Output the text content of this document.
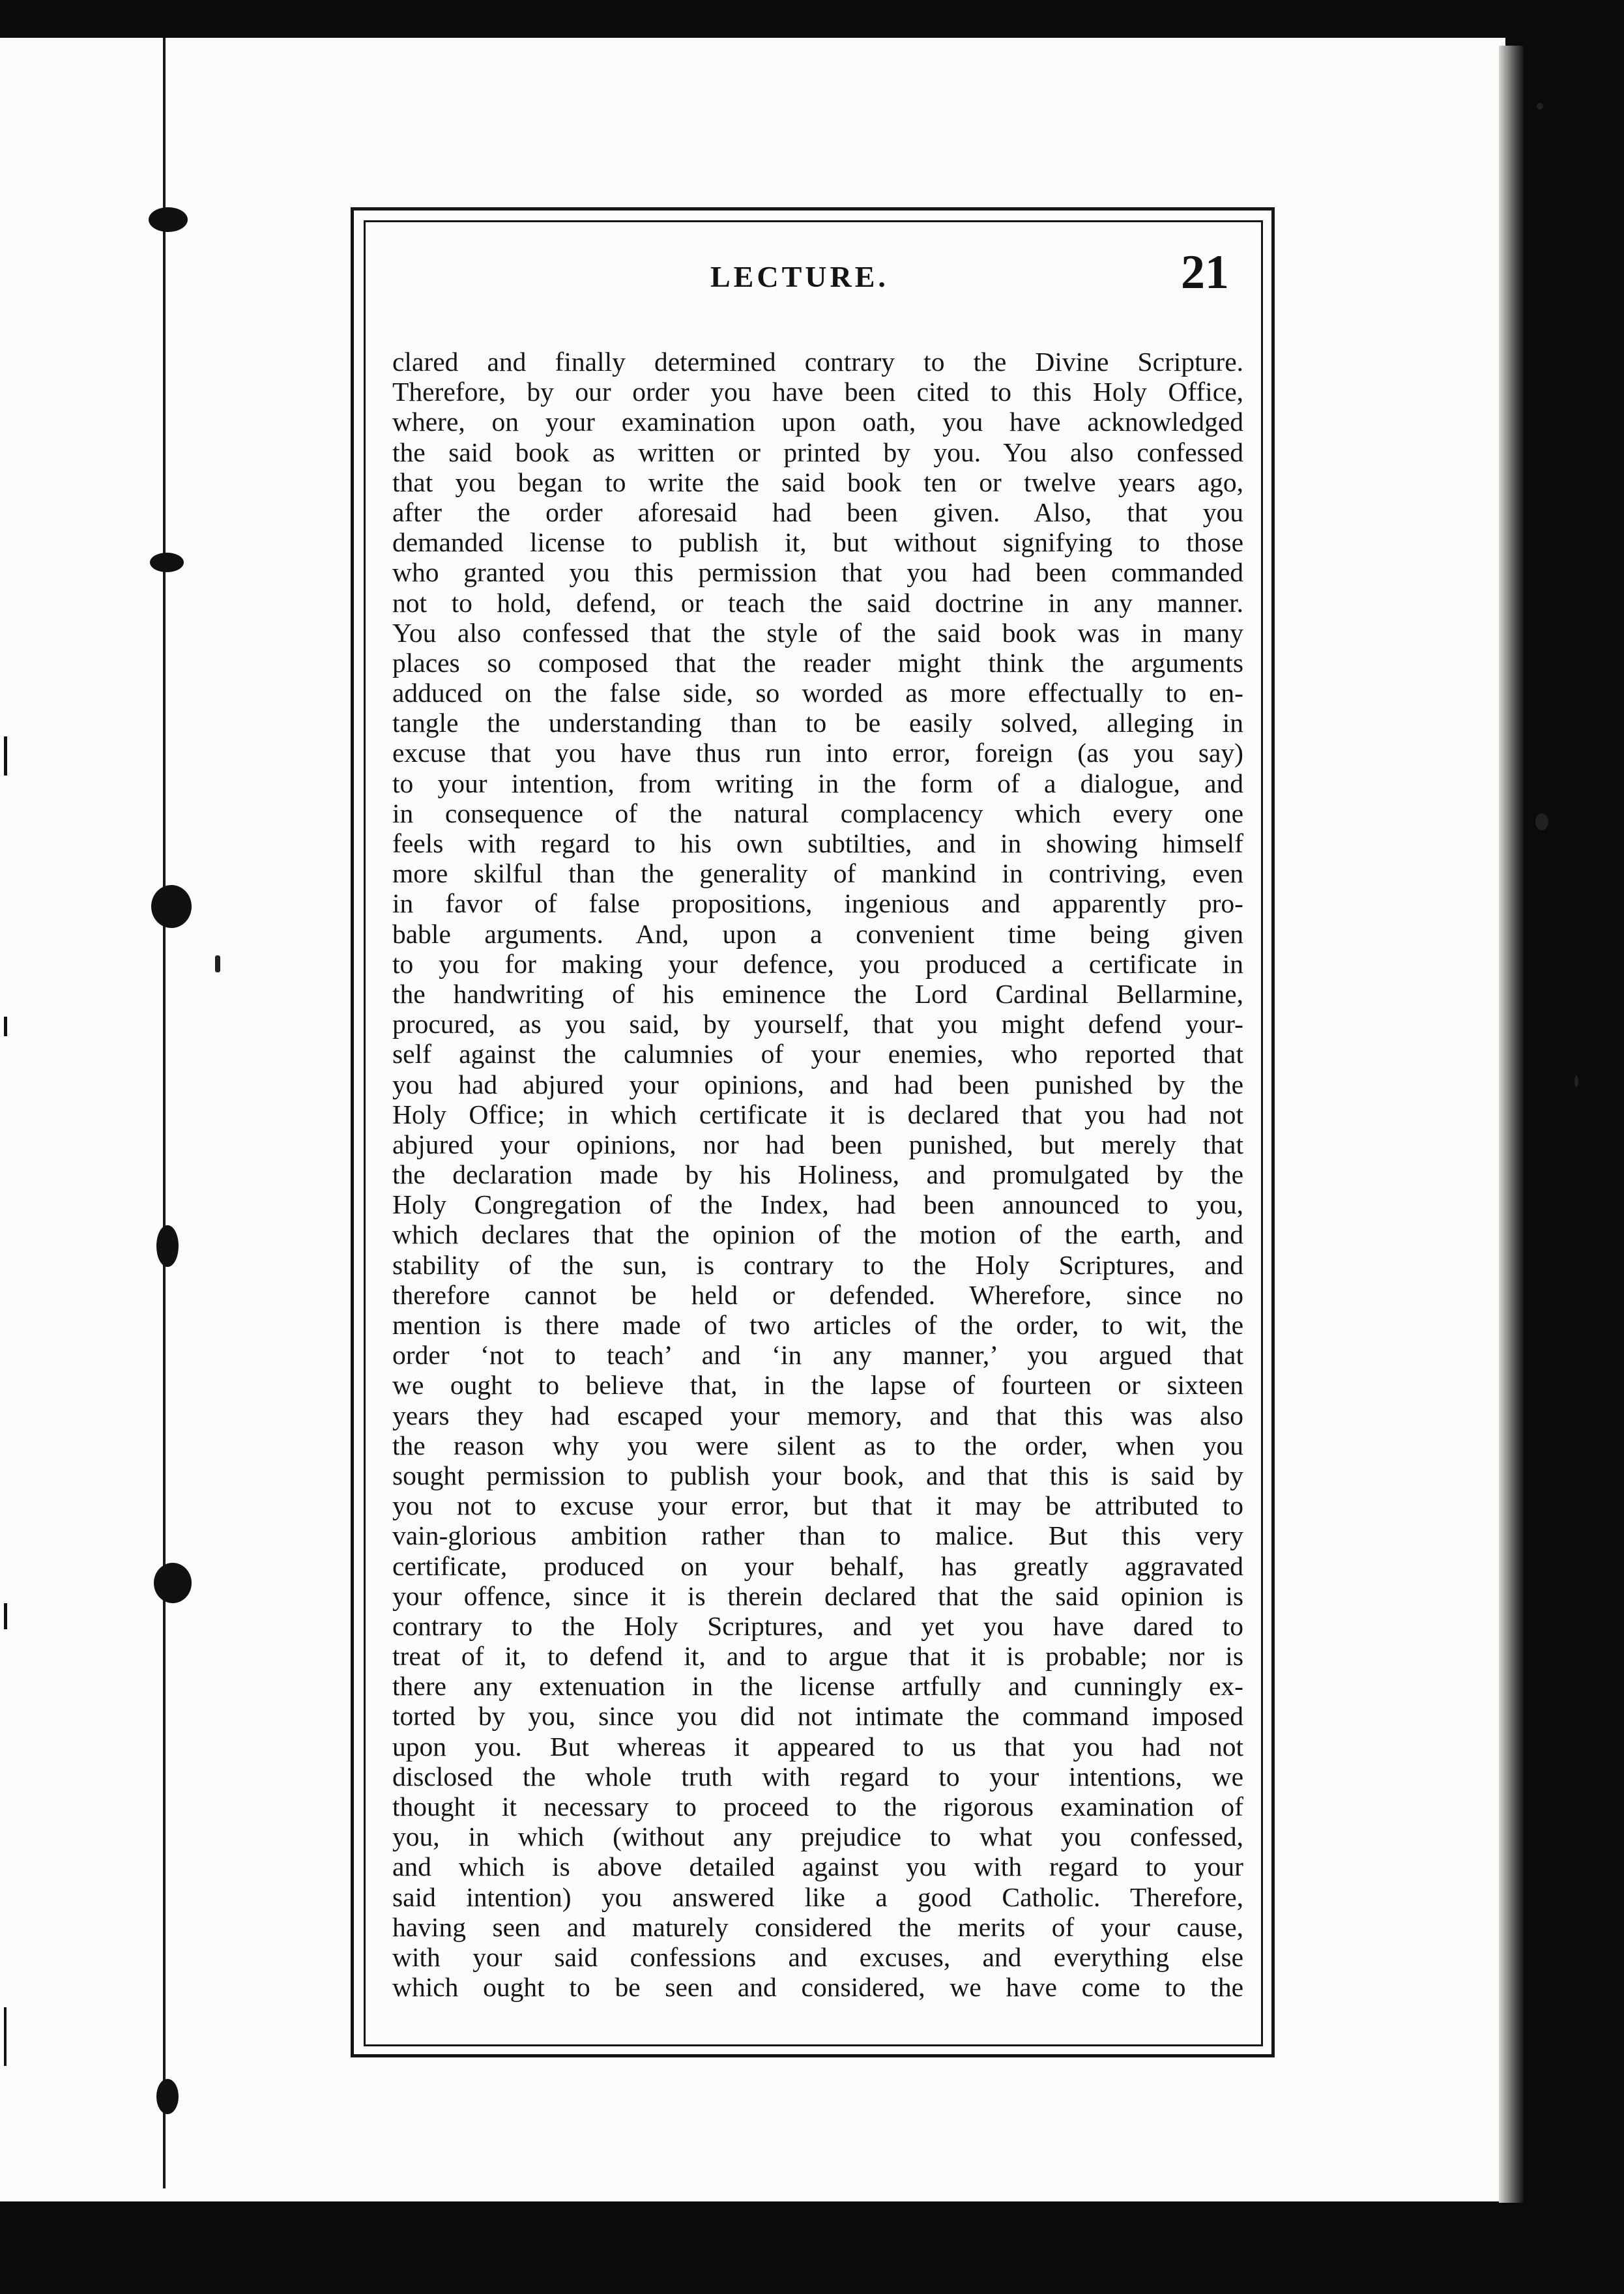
LECTURE.	21
clared and finally determined contrary to the Divine Scripture.
Therefore, by our order you have been cited to this Holy Office,
where, on your examination upon oath, you have acknowledged
the said book as written or printed by you. You also confessed
that you began to write the said book ten or twelve years ago,
after the order aforesaid had been given. Also, that you
demanded license to publish it, but without signifying to those
who granted you this permission that you had been commanded
not to hold, defend, or teach the said doctrine in any manner.
You also confessed that the style of the said book was in many
places so composed that the reader might think the arguments
adduced on the false side, so worded as more effectually to en-
tangle the understanding than to be easily solved, alleging in
excuse that you have thus run into error, foreign (as you say)
to your intention, from writing in the form of a dialogue, and
in consequence of the natural complacency which every one
feels with regard to his own subtilties, and in showing himself
more skilful than the generality of mankind in contriving, even
in favor of false propositions, ingenious and apparently pro-
bable arguments. And, upon a convenient time being given
to you for making your defence, you produced a certificate in
the handwriting of his eminence the Lord Cardinal Bellarmine,
procured, as you said, by yourself, that you might defend your-
self against the calumnies of your enemies, who reported that
you had abjured your opinions, and had been punished by the
Holy Office; in which certificate it is declared that you had not
abjured your opinions, nor had been punished, but merely that
the declaration made by his Holiness, and promulgated by the
Holy Congregation of the Index, had been announced to you,
which declares that the opinion of the motion of the earth, and
stability of the sun, is contrary to the Holy Scriptures, and
therefore cannot be held or defended. Wherefore, since no
mention is there made of two articles of the order, to wit, the
order ‘not to teach’ and ‘in any manner,’ you argued that
we ought to believe that, in the lapse of fourteen or sixteen
years they had escaped your memory, and that this was also
the reason why you were silent as to the order, when you
sought permission to publish your book, and that this is said by
you not to excuse your error, but that it may be attributed to
vain-glorious ambition rather than to malice. But this very
certificate, produced on your behalf, has greatly aggravated
your offence, since it is therein declared that the said opinion is
contrary to the Holy Scriptures, and yet you have dared to
treat of it, to defend it, and to argue that it is probable; nor is
there any extenuation in the license artfully and cunningly ex-
torted by you, since you did not intimate the command imposed
upon you. But whereas it appeared to us that you had not
disclosed the whole truth with regard to your intentions, we
thought it necessary to proceed to the rigorous examination of
you, in which (without any prejudice to what you confessed,
and which is above detailed against you with regard to your
said intention) you answered like a good Catholic. Therefore,
having seen and maturely considered the merits of your cause,
with your said confessions and excuses, and everything else
which ought to be seen and considered, we have come to the
